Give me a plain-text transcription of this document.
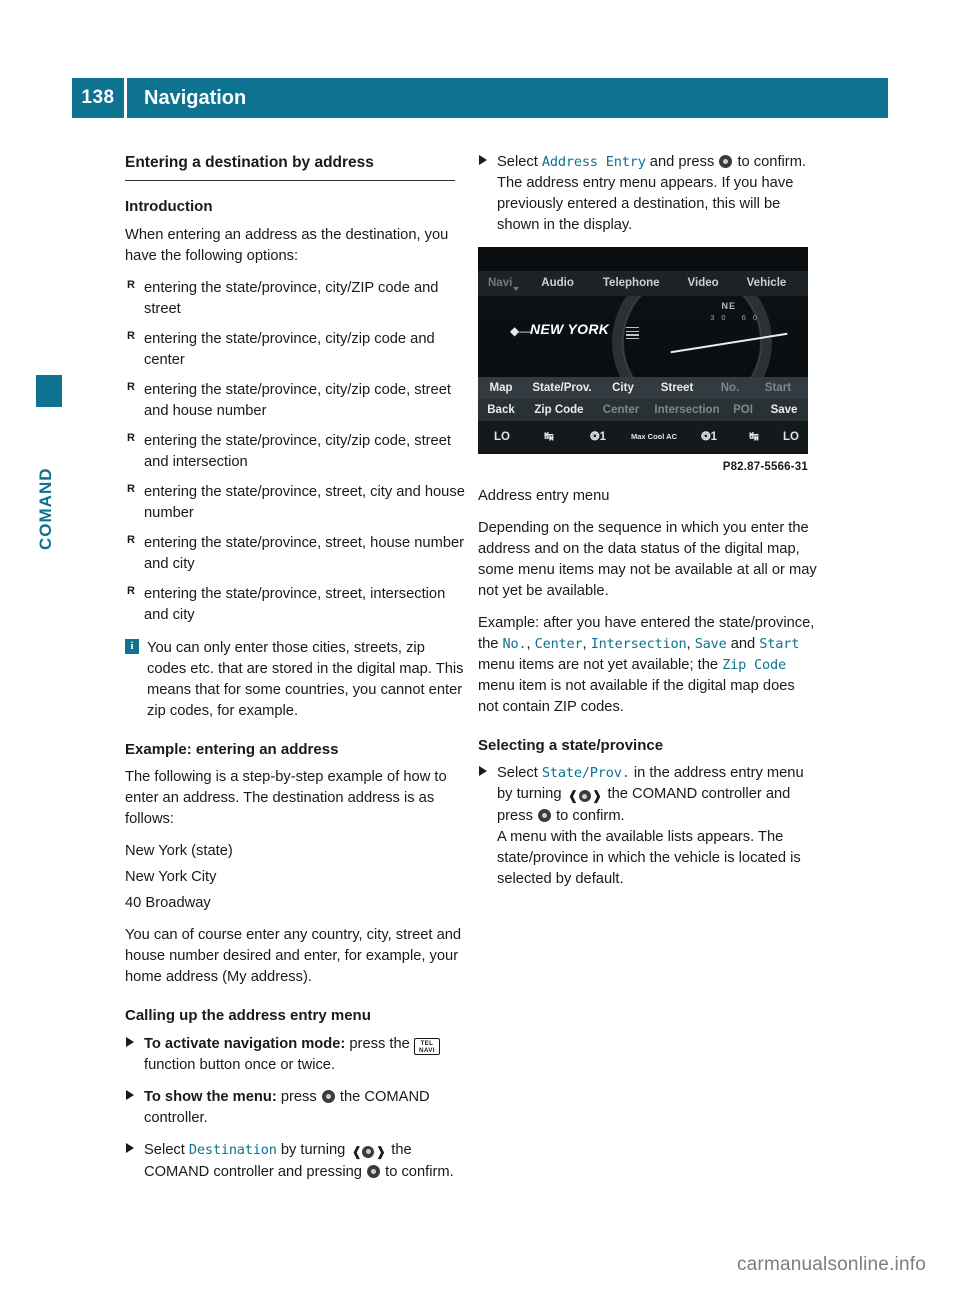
138	Navigation
COMAND
Entering a destination by address
Introduction

When entering an address as the destination, you have the following options:

R entering the state/province, city/ZIP code and street
R entering the state/province, city/zip code and center
R entering the state/province, city/zip code, street and house number
R entering the state/province, city/zip code, street and intersection
R entering the state/province, street, city and house number
R entering the state/province, street, house number and city
R entering the state/province, street, intersection and city
i You can only enter those cities, streets, zip codes etc. that are stored in the digital map. This means that for some countries, you cannot enter zip codes, for example.
Example: entering an address

The following is a step-by-step example of how to enter an address. The destination address is as follows:

New York (state)

New York City

40 Broadway

You can of course enter any country, city, street and house number desired and enter, for example, your home address (My address).

Calling up the address entry menu
To activate navigation mode: press the	TEL
NAVI
function button once or twice.
To show the menu: press  the COMAND controller.
Select Destination by turning ❰ ❱ the COMAND controller and pressing  to confirm.
Select Address Entry and press  to confirm.
The address entry menu appears. If you have previously entered a destination, this will be shown in the display.
Navi	Audio	Telephone Video Vehicle
NE
30 60
◆—
NEW YORK
Map	State/Prov.	City	Street	No.	Start
Back	Zip Code	Center	Intersection	POI	Save
LO	↹	❂1	Max Cool AC	❂1	↹	LO
P82.87-5566-31
Address entry menu

Depending on the sequence in which you enter the address and on the data status of the digital map, some menu items may not be available at all or may not yet be available.

Example: after you have entered the state/province, the No., Center, Intersection, Save and Start menu items are not yet available; the Zip Code menu item is not available if the digital map does not contain ZIP codes.

Selecting a state/province
Select State/Prov. in the address entry menu by turning ❰ ❱ the COMAND controller and press  to confirm.
A menu with the available lists appears. The state/province in which the vehicle is located is selected by default.
carmanualsonline.info
